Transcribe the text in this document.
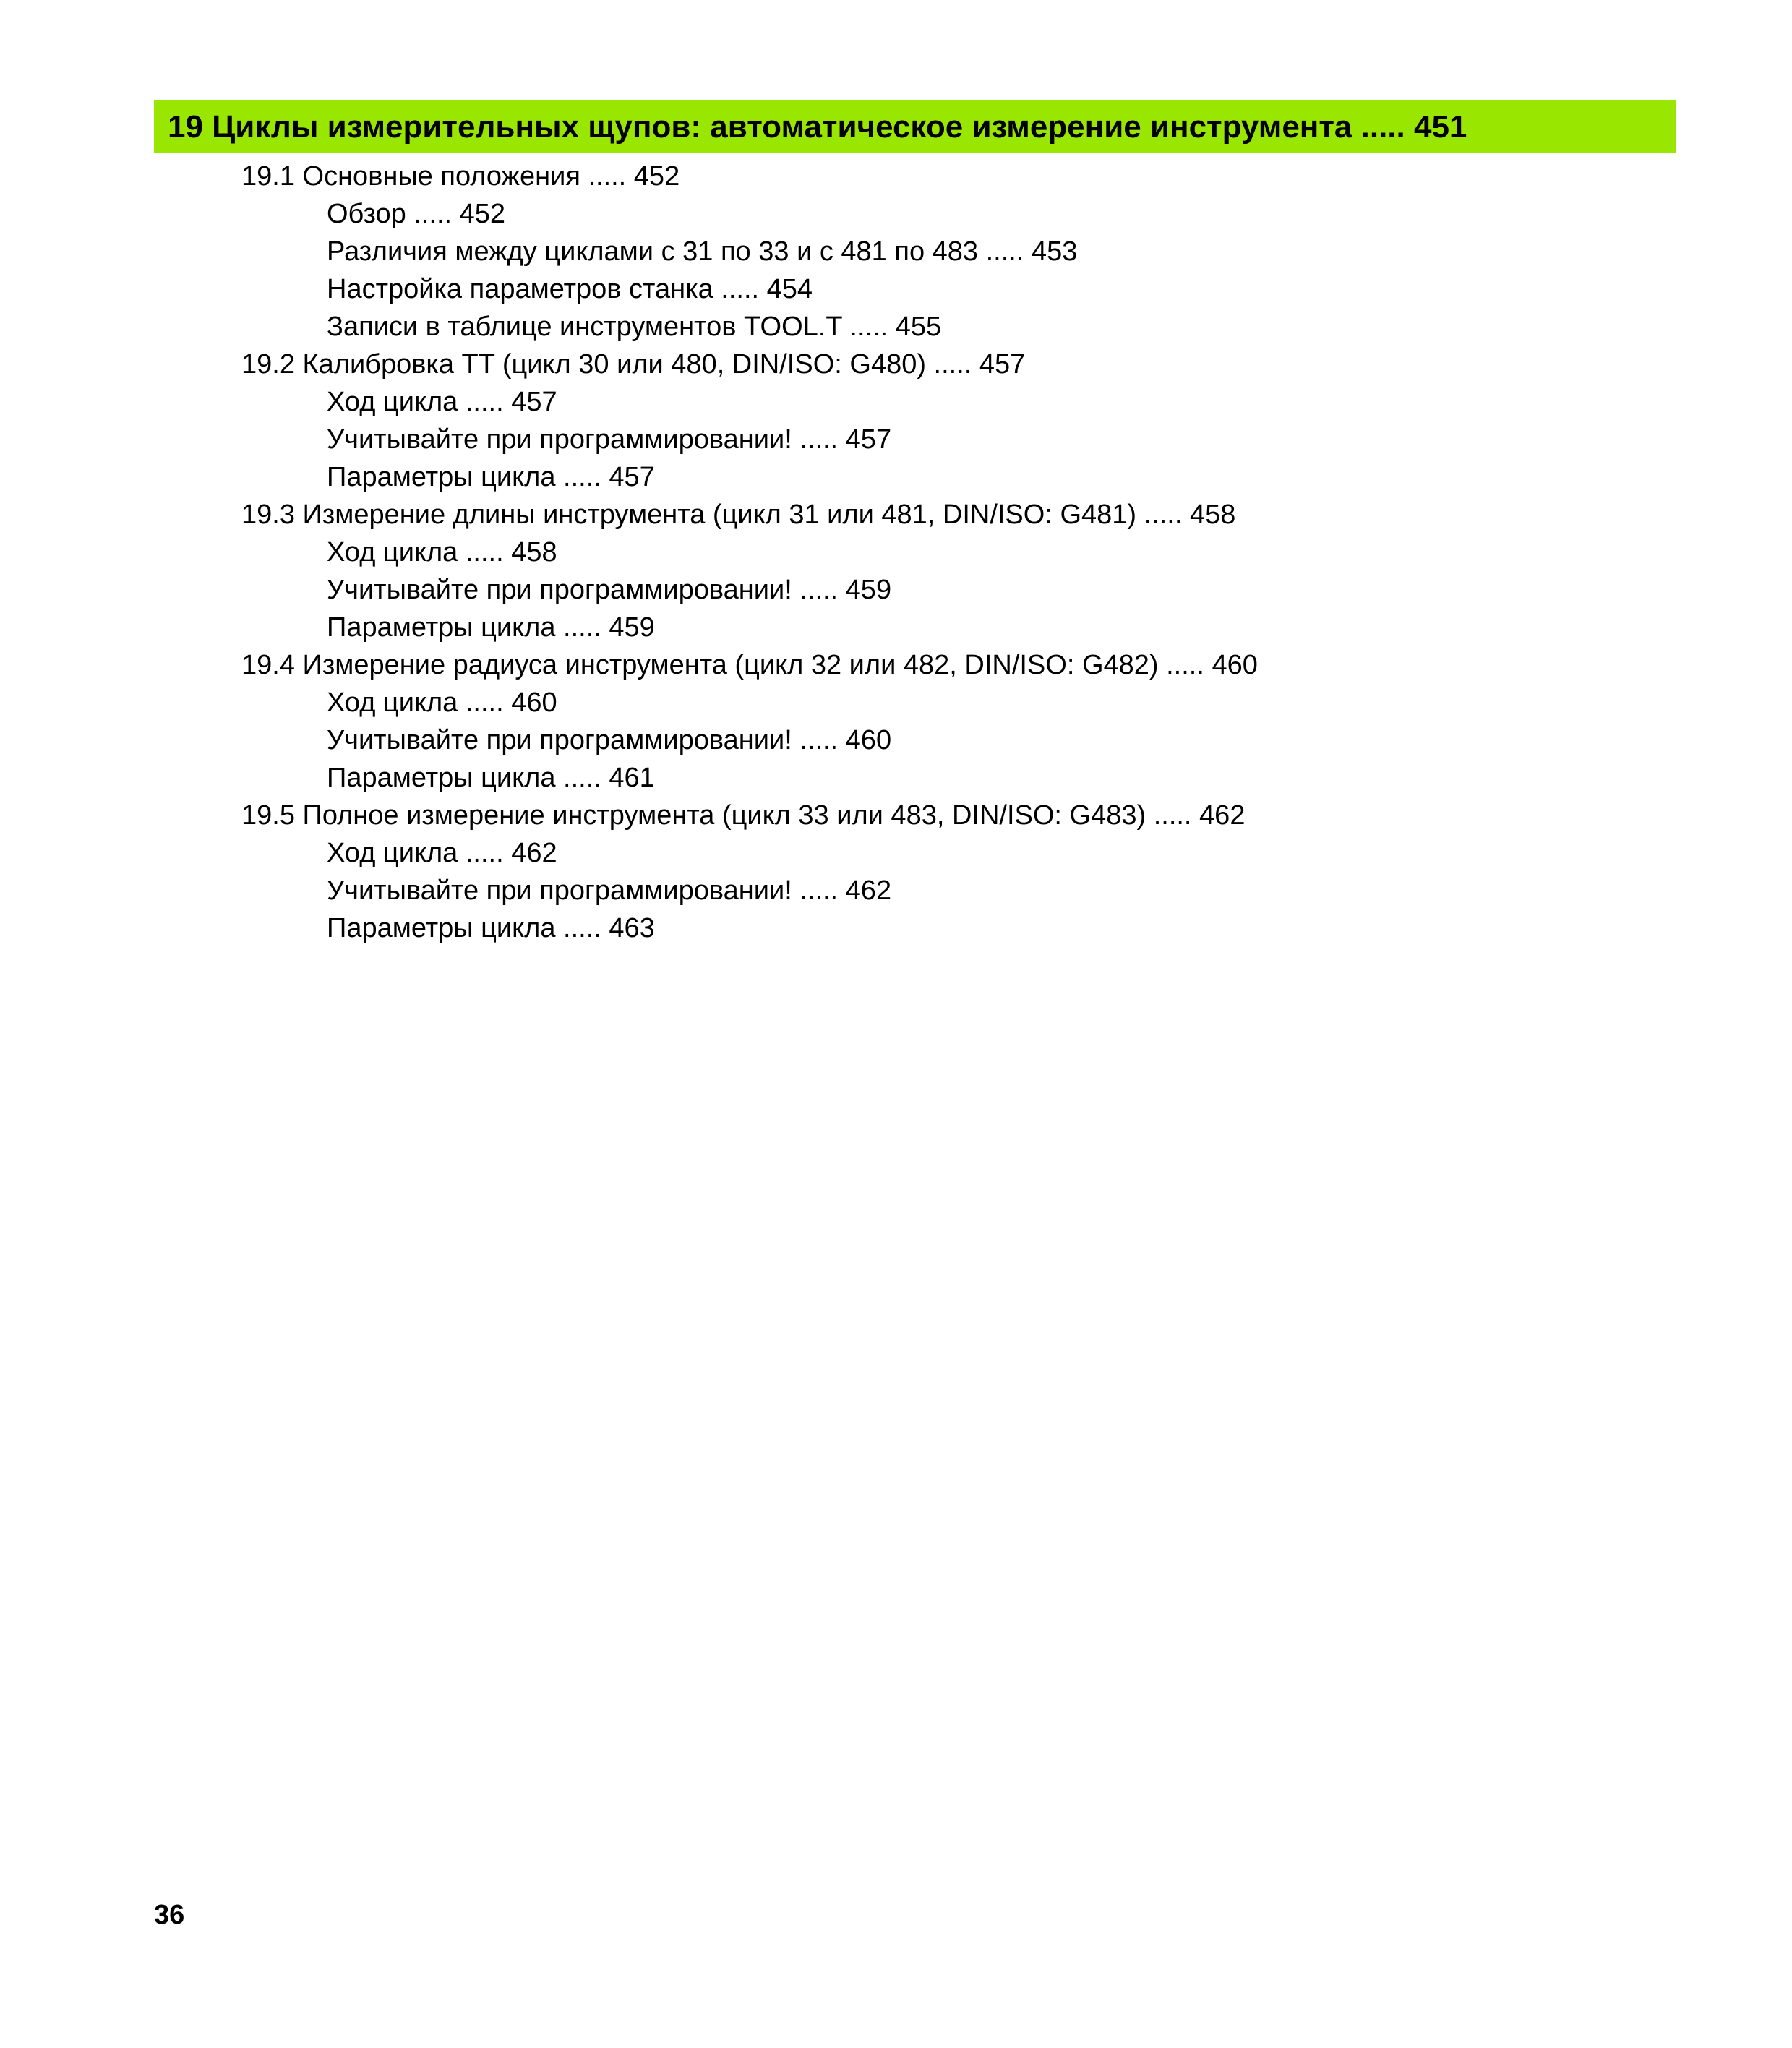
19 Циклы измерительных щупов: автоматическое измерение инструмента ..... 451
19.1 Основные положения ..... 452
Обзор ..... 452
Различия между циклами с 31 по 33 и с 481 по 483 ..... 453
Настройка параметров станка ..... 454
Записи в таблице инструментов TOOL.T ..... 455
19.2 Калибровка TT (цикл 30 или 480, DIN/ISO: G480) ..... 457
Ход цикла ..... 457
Учитывайте при программировании! ..... 457
Параметры цикла ..... 457
19.3 Измерение длины инструмента (цикл 31 или 481, DIN/ISO: G481) ..... 458
Ход цикла ..... 458
Учитывайте при программировании! ..... 459
Параметры цикла ..... 459
19.4 Измерение радиуса инструмента (цикл 32 или 482, DIN/ISO: G482) ..... 460
Ход цикла ..... 460
Учитывайте при программировании! ..... 460
Параметры цикла ..... 461
19.5 Полное измерение инструмента (цикл 33 или 483, DIN/ISO: G483) ..... 462
Ход цикла ..... 462
Учитывайте при программировании! ..... 462
Параметры цикла ..... 463
36
